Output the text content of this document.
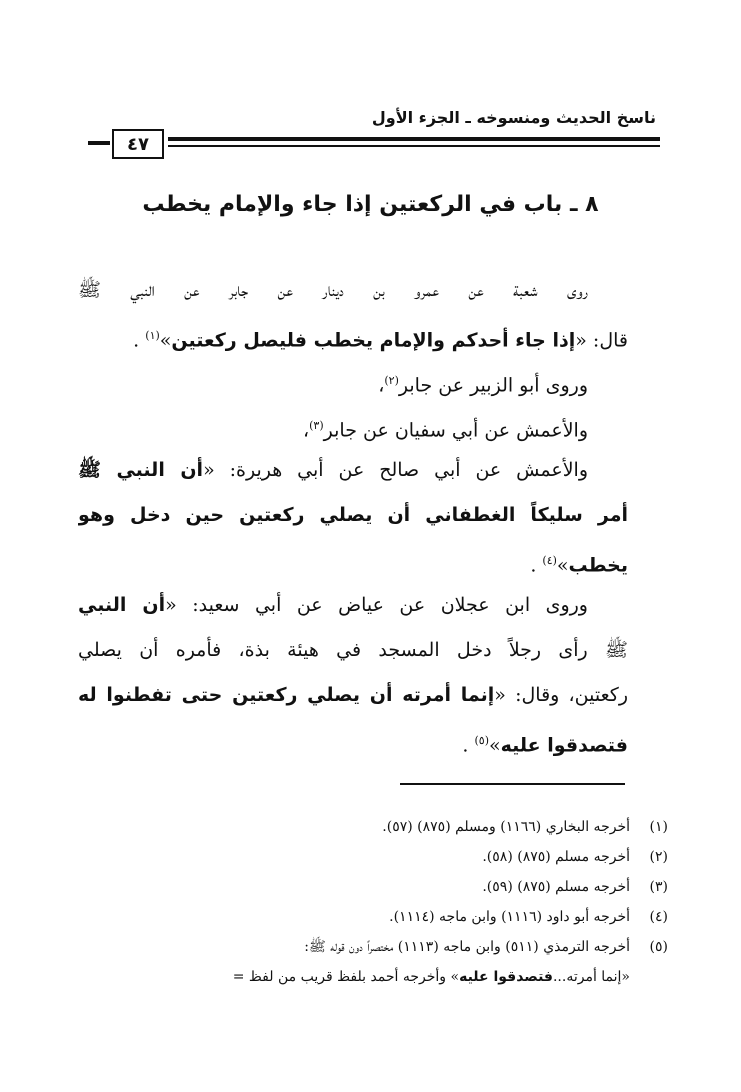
ناسخ الحديث ومنسوخه ـ الجزء الأول
٤٧
٨ ـ باب في الركعتين إذا جاء والإمام يخطب
روى شعبة عن عمرو بن دينار عن جابر عن النبي ﷺ
قال: «إذا جاء أحدكم والإمام يخطب فليصل ركعتين»$^{(١)}$ .
وروى أبو الزبير عن جابر$^{(٢)}$،
والأعمش عن أبي سفيان عن جابر$^{(٣)}$،
والأعمش عن أبي صالح عن أبي هريرة: «أن النبي ﷺ
أمر سليكاً الغطفاني أن يصلي ركعتين حين دخل وهو
يخطب»$^{(٤)}$ .
وروى ابن عجلان عن عياض عن أبي سعيد: «أن النبي
ﷺ رأى رجلاً دخل المسجد في هيئة بذة، فأمره أن يصلي
ركعتين، وقال: «إنما أمرته أن يصلي ركعتين حتى تفطنوا له
فتصدقوا عليه»$^{(٥)}$ .
(١)
أخرجه البخاري (١١٦٦) ومسلم (٨٧٥) (٥٧).
(٢)
أخرجه مسلم (٨٧٥) (٥٨).
(٣)
أخرجه مسلم (٨٧٥) (٥٩).
(٤)
أخرجه أبو داود (١١١٦) وابن ماجه (١١١٤).
(٥)
أخرجه الترمذي (٥١١) وابن ماجه (١١١٣) مختصراً دون قوله ﷺ:
«إنما أمرته...
فتصدقوا عليه
» وأخرجه أحمد بلفظ قريب من لفظ =
